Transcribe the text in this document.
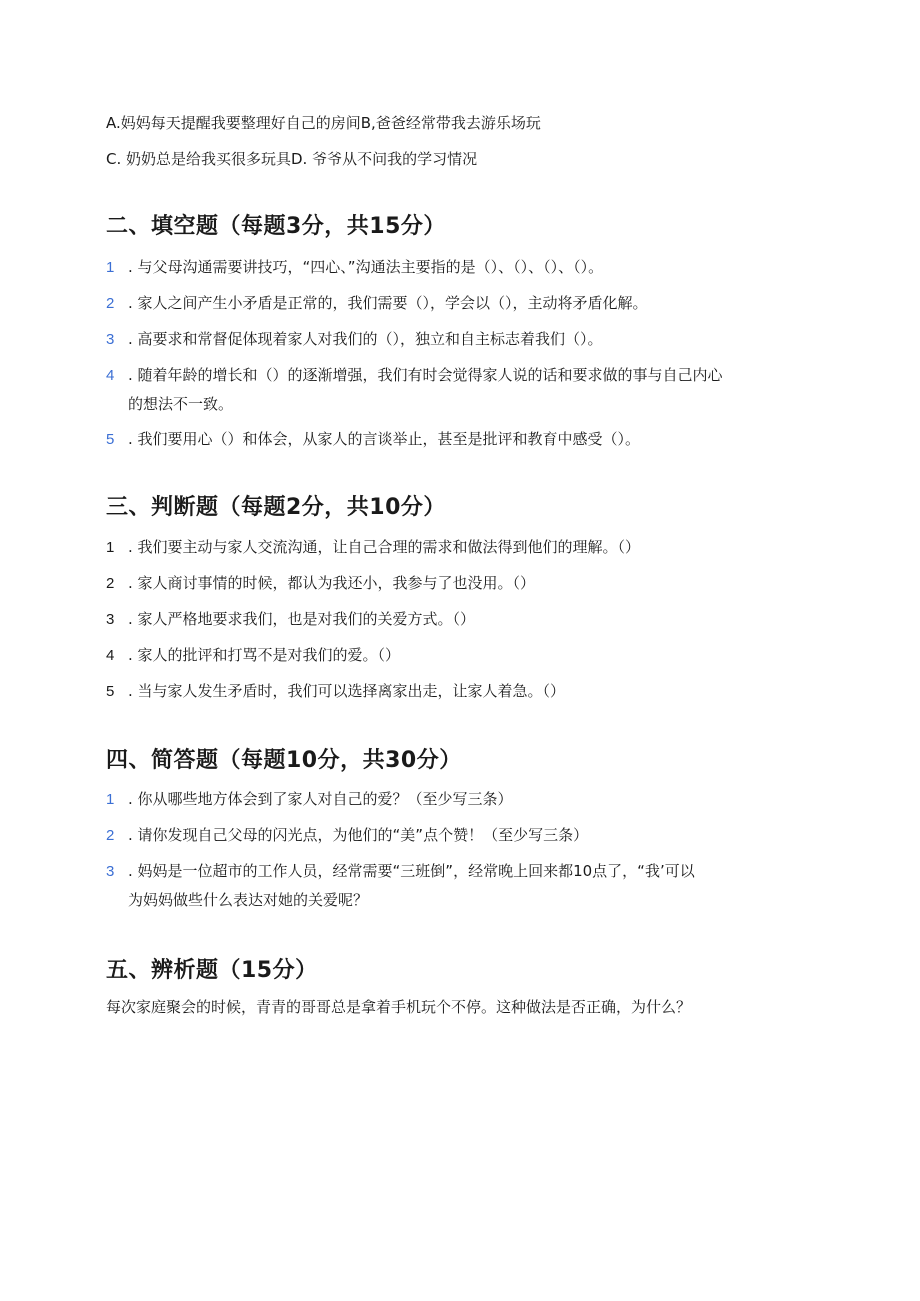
A.妈妈每天提醒我要整理好自己的房间B,爸爸经常带我去游乐场玩
C. 奶奶总是给我买很多玩具D. 爷爷从不问我的学习情况
二、填空题（每题3分，共15分）
1 . 与父母沟通需要讲技巧，“四心、”沟通法主要指的是（）、（）、（）、（）。
2 . 家人之间产生小矛盾是正常的，我们需要（），学会以（），主动将矛盾化解。
3 . 高要求和常督促体现着家人对我们的（），独立和自主标志着我们（）。
4 . 随着年龄的增长和（）的逐渐增强，我们有时会觉得家人说的话和要求做的事与自己内心
的想法不一致。
5 . 我们要用心（）和体会，从家人的言谈举止，甚至是批评和教育中感受（）。
三、判断题（每题2分，共10分）
1 . 我们要主动与家人交流沟通，让自己合理的需求和做法得到他们的理解。（）
2 . 家人商讨事情的时候，都认为我还小，我参与了也没用。（）
3 . 家人严格地要求我们，也是对我们的关爱方式。（）
4 . 家人的批评和打骂不是对我们的爱。（）
5 . 当与家人发生矛盾时，我们可以选择离家出走，让家人着急。（）
四、简答题（每题10分，共30分）
1 . 你从哪些地方体会到了家人对自己的爱？（至少写三条）
2 . 请你发现自己父母的闪光点，为他们的“美”点个赞！（至少写三条）
3 . 妈妈是一位超市的工作人员，经常需要“三班倒”，经常晚上回来都10点了，“我’可以
为妈妈做些什么表达对她的关爱呢？
五、辨析题（15分）
每次家庭聚会的时候，青青的哥哥总是拿着手机玩个不停。这种做法是否正确，为什么？
